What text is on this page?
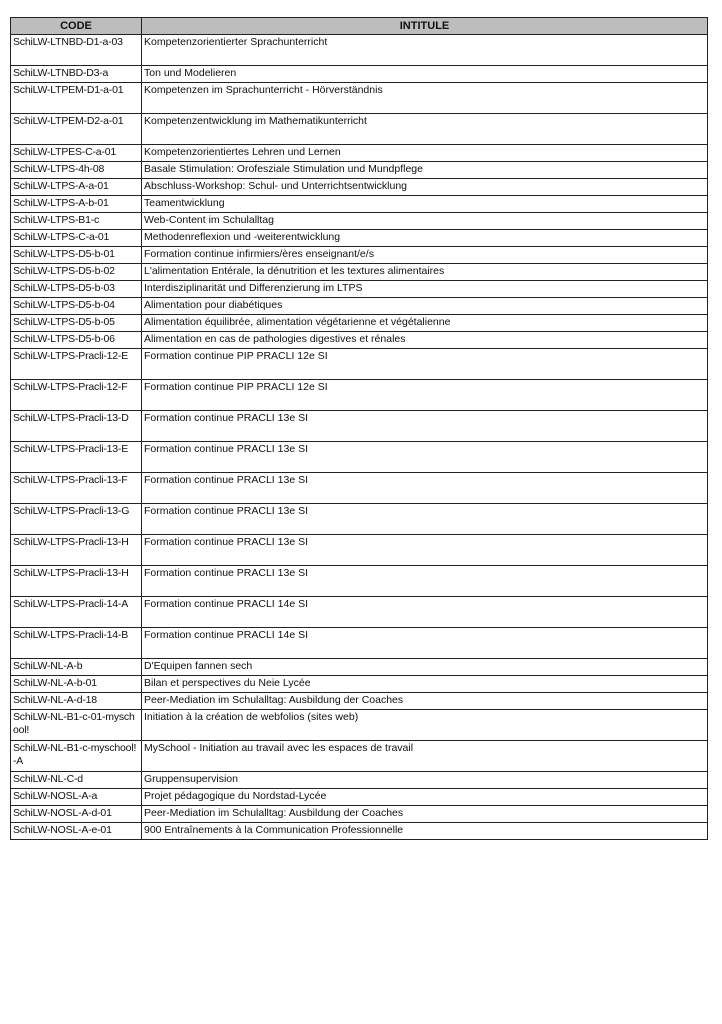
CODE	INTITULE
SchiLW-LTNBD-D1-a-03	Kompetenzorientierter Sprachunterricht
SchiLW-LTNBD-D3-a	Ton und Modelieren
SchiLW-LTPEM-D1-a-01	Kompetenzen im Sprachunterricht - Hörverständnis
SchiLW-LTPEM-D2-a-01	Kompetenzentwicklung im Mathematikunterricht
SchiLW-LTPES-C-a-01	Kompetenzorientiertes Lehren und Lernen
SchiLW-LTPS-4h-08	Basale Stimulation: Orofesziale Stimulation und Mundpflege
SchiLW-LTPS-A-a-01	Abschluss-Workshop: Schul- und Unterrichtsentwicklung
SchiLW-LTPS-A-b-01	Teamentwicklung
SchiLW-LTPS-B1-c	Web-Content im Schulalltag
SchiLW-LTPS-C-a-01	Methodenreflexion und -weiterentwicklung
SchiLW-LTPS-D5-b-01	Formation continue infirmiers/ères enseignant/e/s
SchiLW-LTPS-D5-b-02	L'alimentation Entérale, la dénutrition et les textures alimentaires
SchiLW-LTPS-D5-b-03	Interdisziplinarität und Differenzierung im LTPS
SchiLW-LTPS-D5-b-04	Alimentation pour diabétiques
SchiLW-LTPS-D5-b-05	Alimentation équilibrée, alimentation végétarienne et végétalienne
SchiLW-LTPS-D5-b-06	Alimentation en cas de pathologies digestives et rénales
SchiLW-LTPS-Pracli-12-E	Formation continue PIP PRACLI 12e SI
SchiLW-LTPS-Pracli-12-F	Formation continue PIP PRACLI 12e SI
SchiLW-LTPS-Pracli-13-D	Formation continue PRACLI 13e SI
SchiLW-LTPS-Pracli-13-E	Formation continue PRACLI 13e SI
SchiLW-LTPS-Pracli-13-F	Formation continue PRACLI 13e SI
SchiLW-LTPS-Pracli-13-G	Formation continue PRACLI 13e SI
SchiLW-LTPS-Pracli-13-H	Formation continue PRACLI 13e SI
SchiLW-LTPS-Pracli-13-H	Formation continue PRACLI 13e SI
SchiLW-LTPS-Pracli-14-A	Formation continue PRACLI 14e SI
SchiLW-LTPS-Pracli-14-B	Formation continue PRACLI 14e SI
SchiLW-NL-A-b	D'Equipen fannen sech
SchiLW-NL-A-b-01	Bilan et perspectives du Neie Lycée
SchiLW-NL-A-d-18	Peer-Mediation im Schulalltag: Ausbildung der Coaches
SchiLW-NL-B1-c-01-myschool!	Initiation à la création de webfolios (sites web)
SchiLW-NL-B1-c-myschool!-A	MySchool - Initiation au travail avec les espaces de travail
SchiLW-NL-C-d	Gruppensupervision
SchiLW-NOSL-A-a	Projet pédagogique du Nordstad-Lycée
SchiLW-NOSL-A-d-01	Peer-Mediation im Schulalltag: Ausbildung der Coaches
SchiLW-NOSL-A-e-01	900 Entraînements à la Communication Professionnelle
